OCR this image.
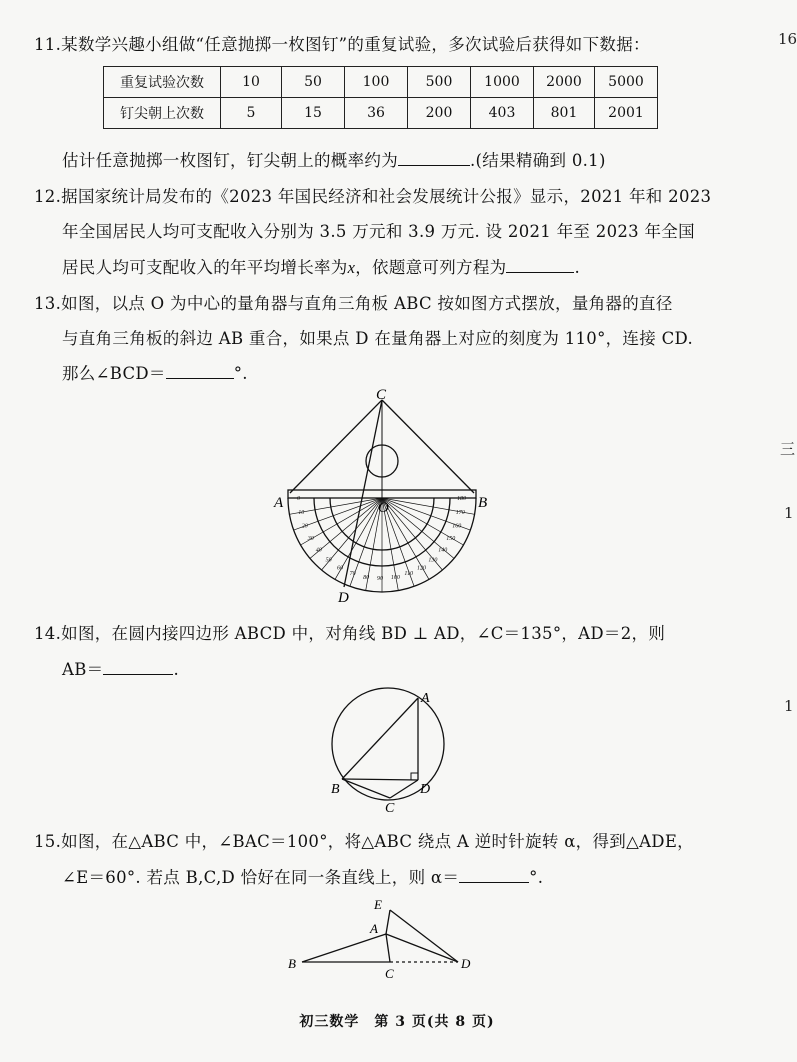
16
三
1
1
11.某数学兴趣小组做“任意抛掷一枚图钉”的重复试验，多次试验后获得如下数据：
重复试验次数	10	50	100	500	1000	2000	5000
钉尖朝上次数	5	15	36	200	403	801	2001
估计任意抛掷一枚图钉，钉尖朝上的概率约为	.(结果精确到 0.1)
12.据国家统计局发布的《2023 年国民经济和社会发展统计公报》显示，2021 年和 2023
年全国居民人均可支配收入分别为 3.5 万元和 3.9 万元. 设 2021 年至 2023 年全国
居民人均可支配收入的年平均增长率为x，依题意可列方程为	.
13.如图，以点 O 为中心的量角器与直角三角板 ABC 按如图方式摆放，量角器的直径
与直角三角板的斜边 AB 重合，如果点 D 在量角器上对应的刻度为 110°，连接 CD.
那么∠BCD＝	°.
180
170
160
150
140
130
120
110
100
90
80
70
60
50
40
30
20
10
0
A	B
C
O
D
14.如图，在圆内接四边形 ABCD 中，对角线 BD ⊥ AD，∠C＝135°，AD＝2，则
AB＝	.
A
B
C
D
15.如图，在△ABC 中，∠BAC＝100°，将△ABC 绕点 A 逆时针旋转 α，得到△ADE，
∠E＝60°. 若点 B,C,D 恰好在同一条直线上，则 α＝	°.
E
A
B
C
D
初三数学　第 3 页(共 8 页)
